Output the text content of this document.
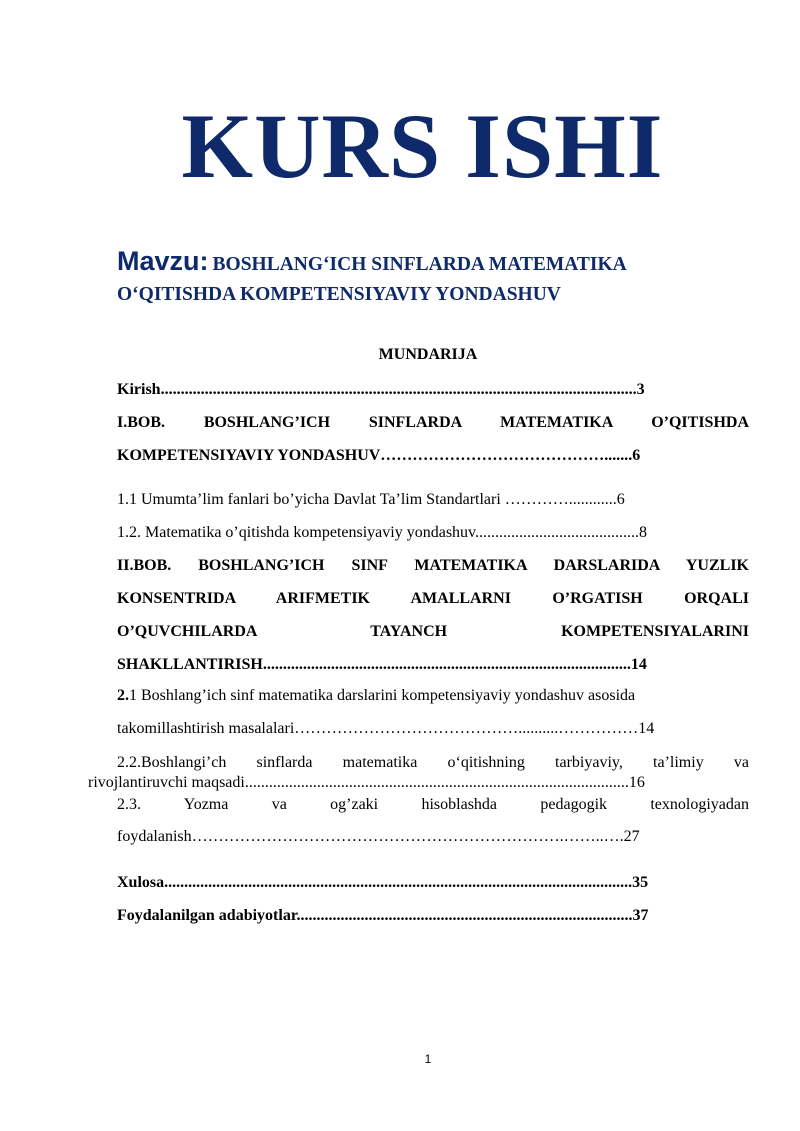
KURS ISHI
Mavzu: BOSHLANG‘ICH SINFLARDA MATEMATIKA
O‘QITISHDA KOMPETENSIYAVIY YONDASHUV
MUNDARIJA
Kirish.......................................................................................................................3
I.BOB. BOSHLANG’ICH SINFLARDA MATEMATIKA O’QITISHDA
KOMPETENSIYAVIY YONDASHUV…………………………………….......6
1.1 Umumta’lim fanlari bo’yicha Davlat Ta’lim Standartlari …………............6
1.2. Matematika o’qitishda kompetensiyaviy yondashuv.........................................8
II.BOB. BOSHLANG’ICH SINF MATEMATIKA DARSLARIDA YUZLIK
KONSENTRIDA ARIFMETIK AMALLARNI O’RGATISH ORQALI
O’QUVCHILARDA TAYANCH KOMPETENSIYALARINI
SHAKLLANTIRISH............................................................................................14
2.1 Boshlang’ich sinf matematika darslarini kompetensiyaviy yondashuv asosida
takomillashtirish masalalari……………………………………..........……………14
2.2.Boshlangi’ch sinflarda matematika o‘qitishning tarbiyaviy, ta’limiy va
rivojlantiruvchi maqsadi................................................................................................16
2.3. Yozma va og’zaki hisoblashda pedagogik texnologiyadan
foydalanish…………………………………………………………….……..….27
Xulosa.....................................................................................................................35
Foydalanilgan adabiyotlar....................................................................................37
1
